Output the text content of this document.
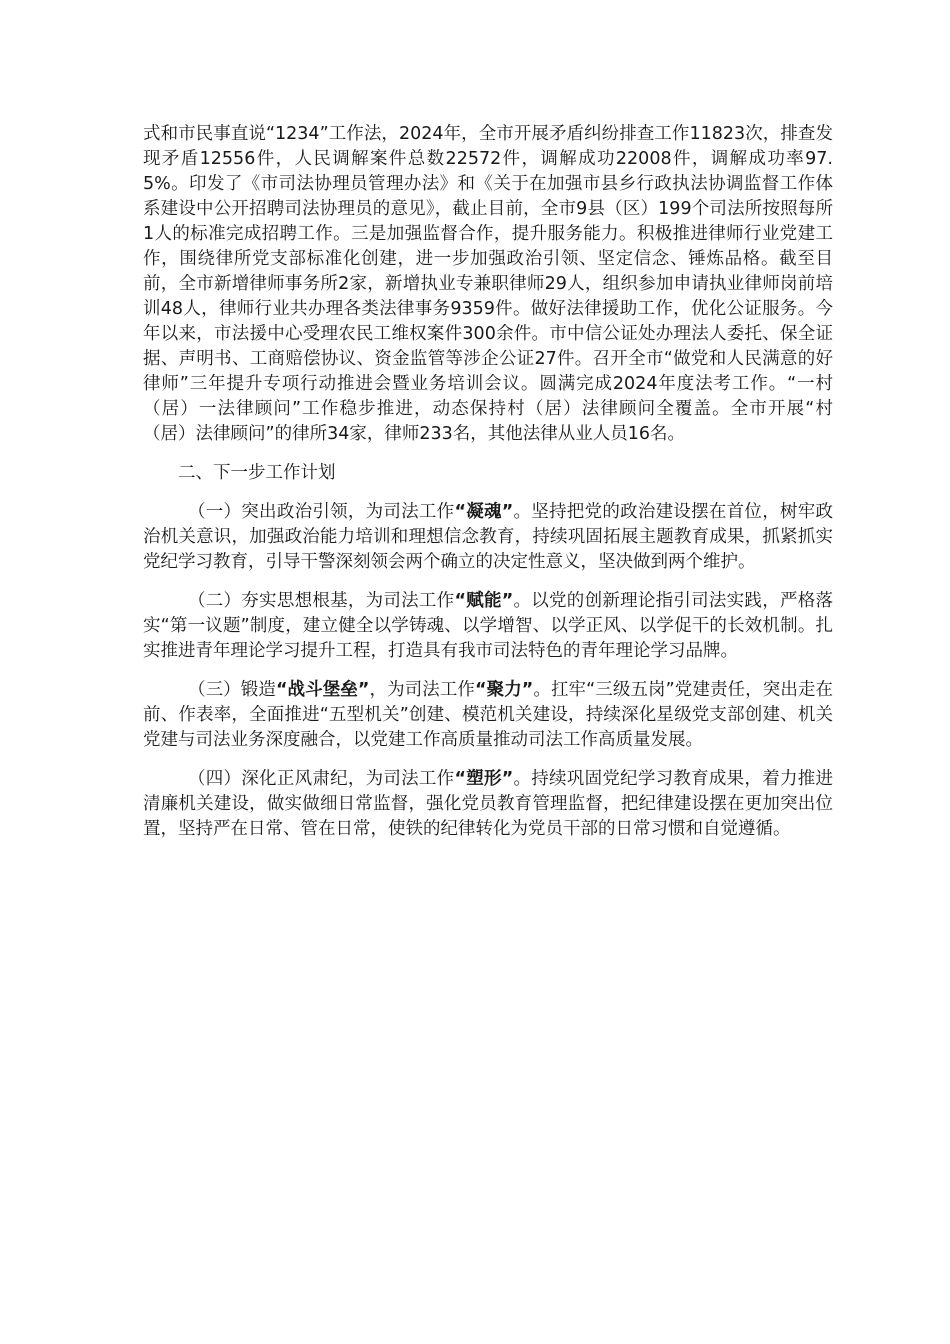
式和市民事直说“1234”工作法，2024年，全市开展矛盾纠纷排查工作11823次，排查发现矛盾12556件，人民调解案件总数22572件，调解成功22008件，调解成功率97.5%。印发了《市司法协理员管理办法》和《关于在加强市县乡行政执法协调监督工作体系建设中公开招聘司法协理员的意见》，截止目前，全市9县（区）199个司法所按照每所1人的标准完成招聘工作。三是加强监督合作，提升服务能力。积极推进律师行业党建工作，围绕律所党支部标准化创建，进一步加强政治引领、坚定信念、锤炼品格。截至目前，全市新增律师事务所2家，新增执业专兼职律师29人，组织参加申请执业律师岗前培训48人，律师行业共办理各类法律事务9359件。做好法律援助工作，优化公证服务。今年以来，市法援中心受理农民工维权案件300余件。市中信公证处办理法人委托、保全证据、声明书、工商赔偿协议、资金监管等涉企公证27件。召开全市“做党和人民满意的好律师”三年提升专项行动推进会暨业务培训会议。圆满完成2024年度法考工作。“一村（居）一法律顾问”工作稳步推进，动态保持村（居）法律顾问全覆盖。全市开展“村（居）法律顾问”的律所34家，律师233名，其他法律从业人员16名。

二、下一步工作计划

（一）突出政治引领，为司法工作“凝魂”。坚持把党的政治建设摆在首位，树牢政治机关意识，加强政治能力培训和理想信念教育，持续巩固拓展主题教育成果，抓紧抓实党纪学习教育，引导干警深刻领会两个确立的决定性意义，坚决做到两个维护。

（二）夯实思想根基，为司法工作“赋能”。以党的创新理论指引司法实践，严格落实“第一议题”制度，建立健全以学铸魂、以学增智、以学正风、以学促干的长效机制。扎实推进青年理论学习提升工程，打造具有我市司法特色的青年理论学习品牌。

（三）锻造“战斗堡垒”，为司法工作“聚力”。扛牢“三级五岗”党建责任，突出走在前、作表率，全面推进“五型机关”创建、模范机关建设，持续深化星级党支部创建、机关党建与司法业务深度融合，以党建工作高质量推动司法工作高质量发展。

（四）深化正风肃纪，为司法工作“塑形”。持续巩固党纪学习教育成果，着力推进清廉机关建设，做实做细日常监督，强化党员教育管理监督，把纪律建设摆在更加突出位置，坚持严在日常、管在日常，使铁的纪律转化为党员干部的日常习惯和自觉遵循。
